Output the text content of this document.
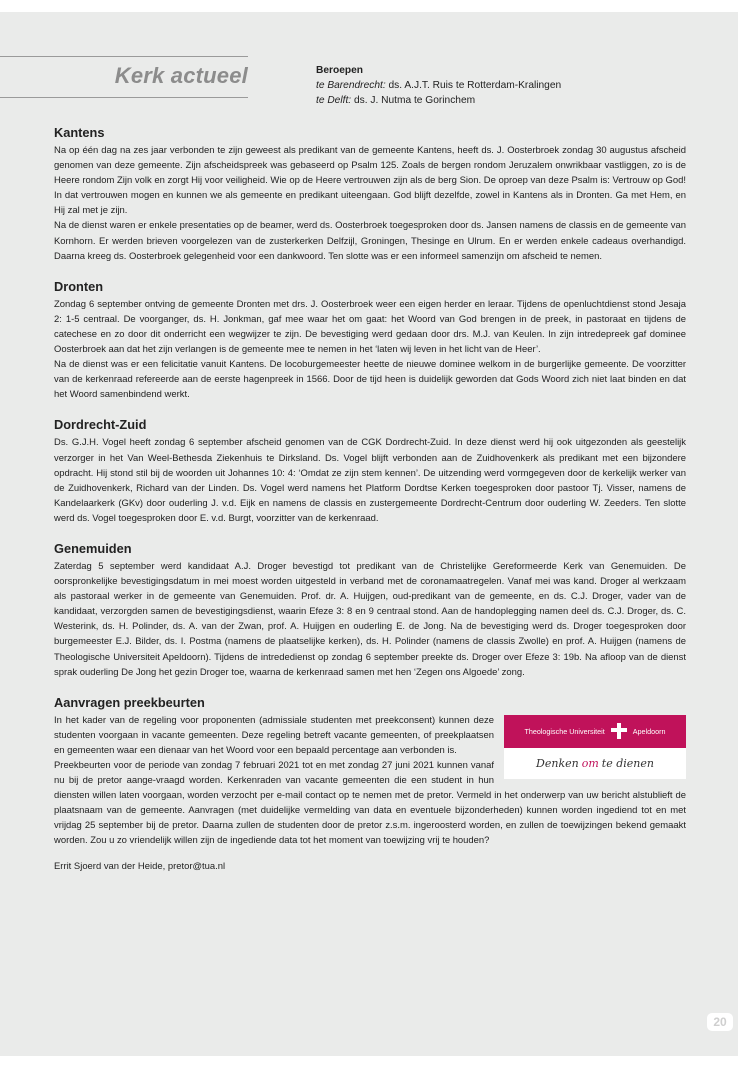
Kerk actueel	Beroepen
te Barendrecht: ds. A.J.T. Ruis te Rotterdam-Kralingen
te Delft: ds. J. Nutma te Gorinchem
Kantens

Na op één dag na zes jaar verbonden te zijn geweest als predikant van de gemeente Kantens, heeft ds. J. Oosterbroek zondag 30 augustus afscheid genomen van deze gemeente. Zijn afscheidspreek was gebaseerd op Psalm 125. Zoals de bergen rondom Jeruzalem onwrikbaar vastliggen, zo is de Heere rondom Zijn volk en zorgt Hij voor veiligheid. Wie op de Heere vertrouwen zijn als de berg Sion. De oproep van deze Psalm is: Vertrouw op God! In dat vertrouwen mogen en kunnen we als gemeente en predikant uiteengaan. God blijft dezelfde, zowel in Kantens als in Dronten. Ga met Hem, en Hij zal met je zijn.

Na de dienst waren er enkele presentaties op de beamer, werd ds. Oosterbroek toegesproken door ds. Jansen namens de classis en de gemeente van Kornhorn. Er werden brieven voorgelezen van de zusterkerken Delfzijl, Groningen, Thesinge en Ulrum. En er werden enkele cadeaus overhandigd. Daarna kreeg ds. Oosterbroek gelegenheid voor een dankwoord. Ten slotte was er een informeel samenzijn om afscheid te nemen.

Dronten

Zondag 6 september ontving de gemeente Dronten met drs. J. Oosterbroek weer een eigen herder en leraar. Tijdens de openluchtdienst stond Jesaja 2: 1-5 centraal. De voorganger, ds. H. Jonkman, gaf mee waar het om gaat: het Woord van God brengen in de preek, in pastoraat en tijdens de catechese en zo door dit onderricht een wegwijzer te zijn. De bevestiging werd gedaan door drs. M.J. van Keulen. In zijn intredepreek gaf dominee Oosterbroek aan dat het zijn verlangen is de gemeente mee te nemen in het ‘laten wij leven in het licht van de Heer’.

Na de dienst was er een felicitatie vanuit Kantens. De locoburgemeester heette de nieuwe dominee welkom in de burgerlijke gemeente. De voorzitter van de kerkenraad refereerde aan de eerste hagenpreek in 1566. Door de tijd heen is duidelijk geworden dat Gods Woord zich niet laat binden en dat het Woord samenbindend werkt.

Dordrecht-Zuid

Ds. G.J.H. Vogel heeft zondag 6 september afscheid genomen van de CGK Dordrecht-Zuid. In deze dienst werd hij ook uitgezonden als geestelijk verzorger in het Van Weel-Bethesda Ziekenhuis te Dirksland. Ds. Vogel blijft verbonden aan de Zuidhovenkerk als predikant met een bijzondere opdracht. Hij stond stil bij de woorden uit Johannes 10: 4: ‘Omdat ze zijn stem kennen’. De uitzending werd vormgegeven door de kerkelijk werker van de Zuidhovenkerk, Richard van der Linden. Ds. Vogel werd namens het Platform Dordtse Kerken toegesproken door pastoor Tj. Visser, namens de Kandelaarkerk (GKv) door ouderling J. v.d. Eijk en namens de classis en zustergemeente Dordrecht-Centrum door ouderling W. Zeeders. Ten slotte werd ds. Vogel toegesproken door E. v.d. Burgt, voorzitter van de kerkenraad.

Genemuiden

Zaterdag 5 september werd kandidaat A.J. Droger bevestigd tot predikant van de Christelijke Gereformeerde Kerk van Genemuiden. De oorspronkelijke bevestigingsdatum in mei moest worden uitgesteld in verband met de coronamaatregelen. Vanaf mei was kand. Droger al werkzaam als pastoraal werker in de gemeente van Genemuiden. Prof. dr. A. Huijgen, oud-predikant van de gemeente, en ds. C.J. Droger, vader van de kandidaat, verzorgden samen de bevestigingsdienst, waarin Efeze 3: 8 en 9 centraal stond. Aan de handoplegging namen deel ds. C.J. Droger, ds. C. Westerink, ds. H. Polinder, ds. A. van der Zwan, prof. A. Huijgen en ouderling E. de Jong. Na de bevestiging werd ds. Droger toegesproken door burgemeester E.J. Bilder, ds. I. Postma (namens de plaatselijke kerken), ds. H. Polinder (namens de classis Zwolle) en prof. A. Huijgen (namens de Theologische Universiteit Apeldoorn). Tijdens de intrededienst op zondag 6 september preekte ds. Droger over Efeze 3: 19b. Na afloop van de dienst sprak ouderling De Jong het gezin Droger toe, waarna de kerkenraad samen met hen ‘Zegen ons Algoede’ zong.

Aanvragen preekbeurten
Theologische Universiteit	Apeldoorn
Denken om te dienen

In het kader van de regeling voor proponenten (admissiale studenten met preekconsent) kunnen deze studenten voorgaan in vacante gemeenten. Deze regeling betreft vacante gemeenten, of preekplaatsen en gemeenten waar een dienaar van het Woord voor een bepaald percentage aan verbonden is.

Preekbeurten voor de periode van zondag 7 februari 2021 tot en met zondag 27 juni 2021 kunnen vanaf nu bij de pretor aange-vraagd worden. Kerkenraden van vacante gemeenten die een student in hun diensten willen laten voorgaan, worden verzocht per e-mail contact op te nemen met de pretor. Vermeld in het onderwerp van uw bericht alstublieft de plaatsnaam van de gemeente. Aanvragen (met duidelijke vermelding van data en eventuele bijzonderheden) kunnen worden ingediend tot en met vrijdag 25 september bij de pretor. Daarna zullen de studenten door de pretor z.s.m. ingeroosterd worden, en zullen de toewijzingen bekend gemaakt worden. Zou u zo vriendelijk willen zijn de ingediende data tot het moment van toewijzing vrij te houden?

Errit Sjoerd van der Heide, pretor@tua.nl
20
